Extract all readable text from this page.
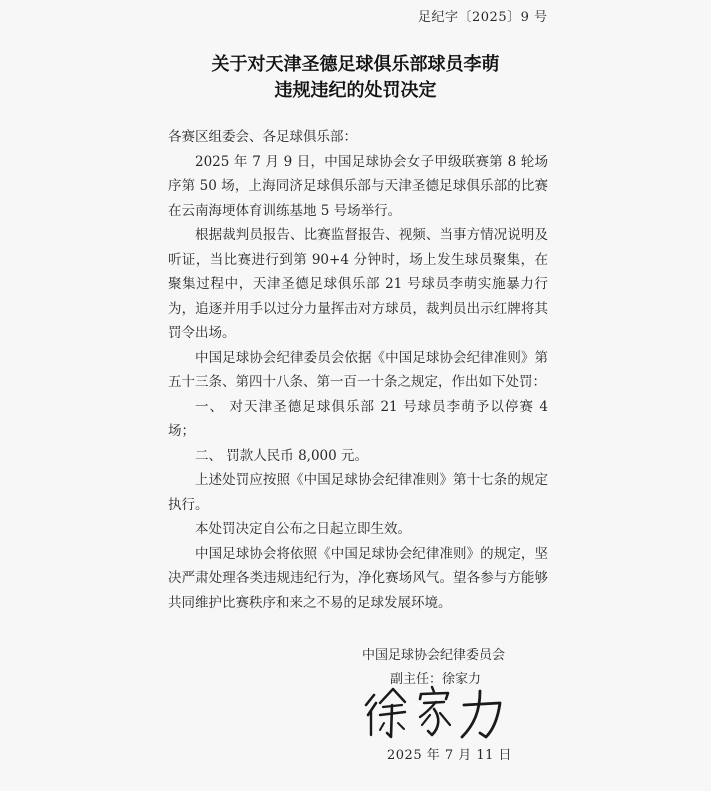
足纪字〔2025〕9 号
关于对天津圣德足球俱乐部球员李萌
违规违纪的处罚决定

各赛区组委会、各足球俱乐部：

2025 年 7 月 9 日，中国足球协会女子甲级联赛第 8 轮场序第 50 场，上海同济足球俱乐部与天津圣德足球俱乐部的比赛在云南海埂体育训练基地 5 号场举行。

根据裁判员报告、比赛监督报告、视频、当事方情况说明及听证，当比赛进行到第 90+4 分钟时，场上发生球员聚集，在聚集过程中，天津圣德足球俱乐部 21 号球员李萌实施暴力行为，追逐并用手以过分力量挥击对方球员，裁判员出示红牌将其罚令出场。

中国足球协会纪律委员会依据《中国足球协会纪律准则》第五十三条、第四十八条、第一百一十条之规定，作出如下处罚：

一、 对天津圣德足球俱乐部 21 号球员李萌予以停赛 4 场；

二、 罚款人民币 8,000 元。

上述处罚应按照《中国足球协会纪律准则》第十七条的规定执行。

本处罚决定自公布之日起立即生效。

中国足球协会将依照《中国足球协会纪律准则》的规定，坚决严肃处理各类违规违纪行为，净化赛场风气。望各参与方能够共同维护比赛秩序和来之不易的足球发展环境。

中国足球协会纪律委员会
副主任：徐家力
2025 年 7 月 11 日
